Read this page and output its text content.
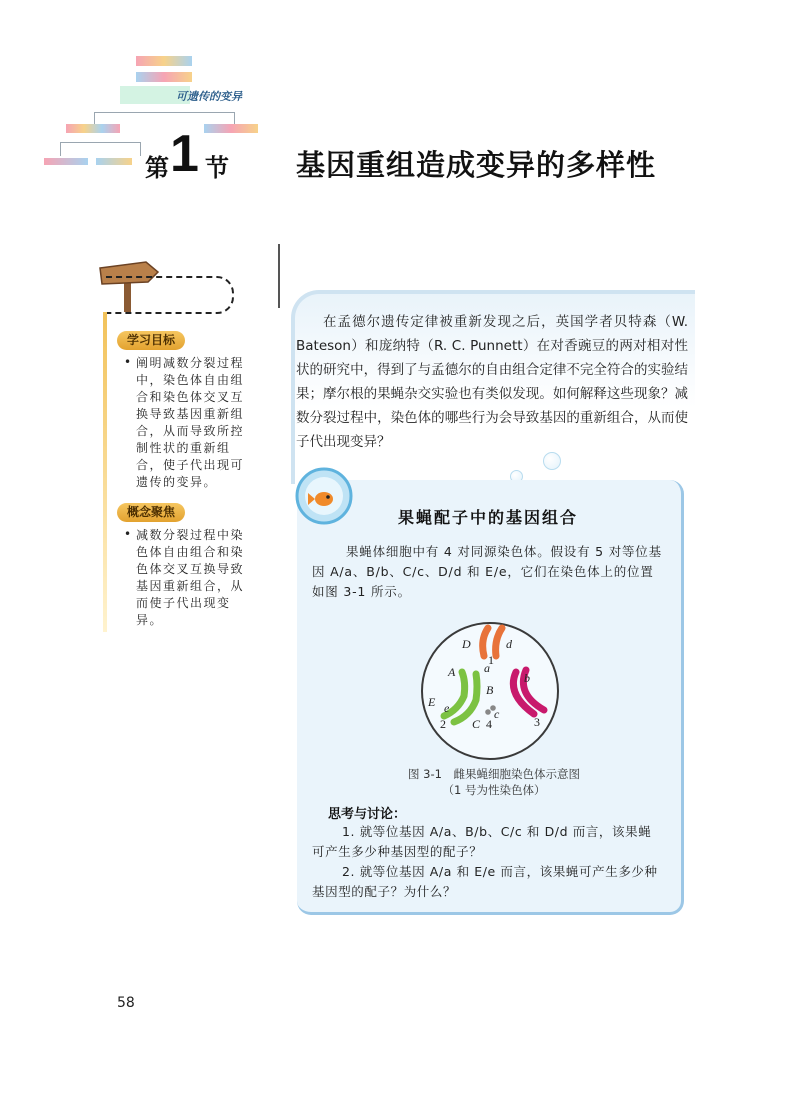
可遗传的变异
第 1 节 基因重组造成变异的多样性
学习目标
• 阐明减数分裂过程中，染色体自由组合和染色体交叉互换导致基因重新组合，从而导致所控制性状的重新组合，使子代出现可遗传的变异。
概念聚焦
• 减数分裂过程中染色体自由组合和染色体交叉互换导致基因重新组合，从而使子代出现变异。
在孟德尔遗传定律被重新发现之后，英国学者贝特森（W. Bateson）和庞纳特（R. C. Punnett）在对香豌豆的两对相对性状的研究中，得到了与孟德尔的自由组合定律不完全符合的实验结果；摩尔根的果蝇杂交实验也有类似发现。如何解释这些现象？减数分裂过程中，染色体的哪些行为会导致基因的重新组合，从而使子代出现变异？
果蝇配子中的基因组合
果蝇体细胞中有 4 对同源染色体。假设有 5 对等位基因 A/a、B/b、C/c、D/d 和 E/e，它们在染色体上的位置如图 3-1 所示。
D	d
1
A a
b
B
E e	c
2 C 4	3
图 3-1　雌果蝇细胞染色体示意图
（1 号为性染色体）
思考与讨论：
1. 就等位基因 A/a、B/b、C/c 和 D/d 而言，该果蝇可产生多少种基因型的配子？
2. 就等位基因 A/a 和 E/e 而言，该果蝇可产生多少种基因型的配子？为什么？
58
